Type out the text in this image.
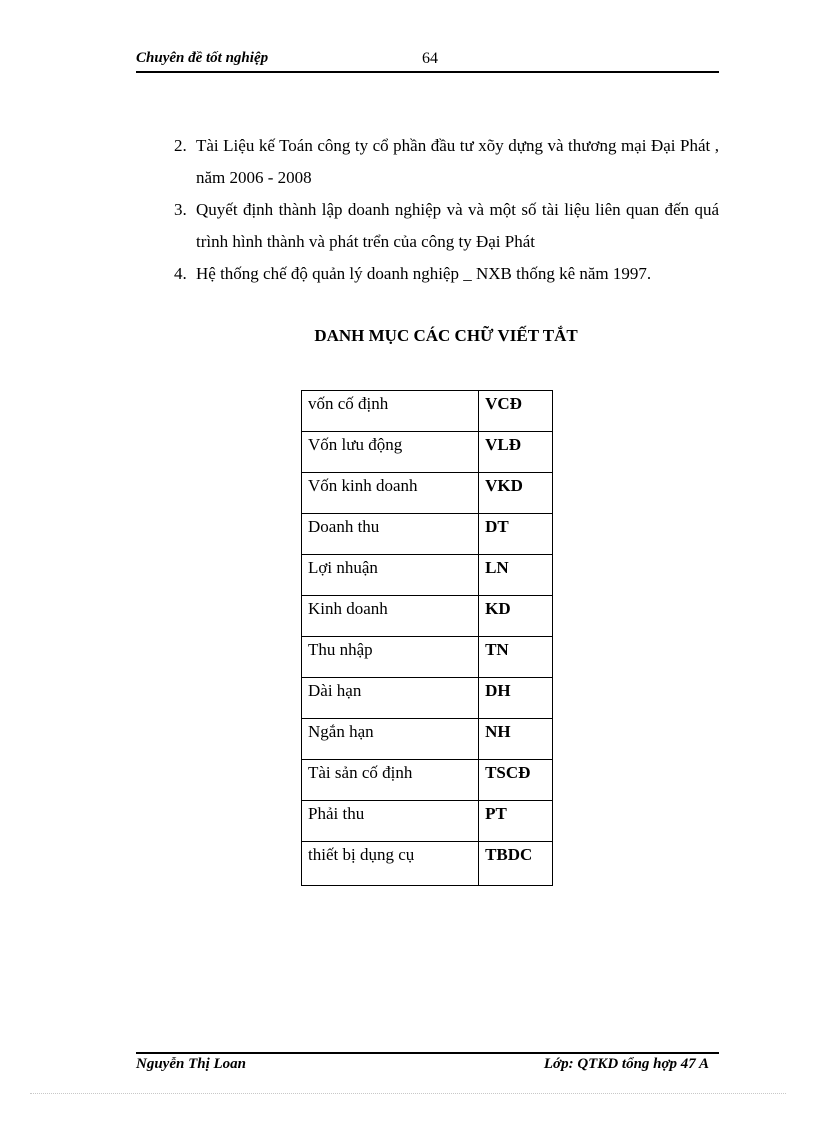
Chuyên đề tốt nghiệp	64
2. Tài Liệu kế Toán công ty cổ phần đầu tư xõy dựng và thương mại Đại Phát , năm 2006 - 2008
3. Quyết định thành lập doanh nghiệp và và một số tài liệu liên quan đến quá trình hình thành và phát trển của công ty Đại Phát
4. Hệ thống chế độ quản lý doanh nghiệp _ NXB thống kê năm 1997.
DANH MỤC CÁC CHỮ VIẾT TẮT
vốn cố định	VCĐ
Vốn lưu động	VLĐ
Vốn kinh doanh	VKD
Doanh thu	DT
Lợi nhuận	LN
Kinh doanh	KD
Thu nhập	TN
Dài hạn	DH
Ngắn hạn	NH
Tài sản cố định	TSCĐ
Phải thu	PT
thiết bị dụng cụ	TBDC
Nguyễn Thị Loan	Lớp: QTKD tổng hợp 47 A
